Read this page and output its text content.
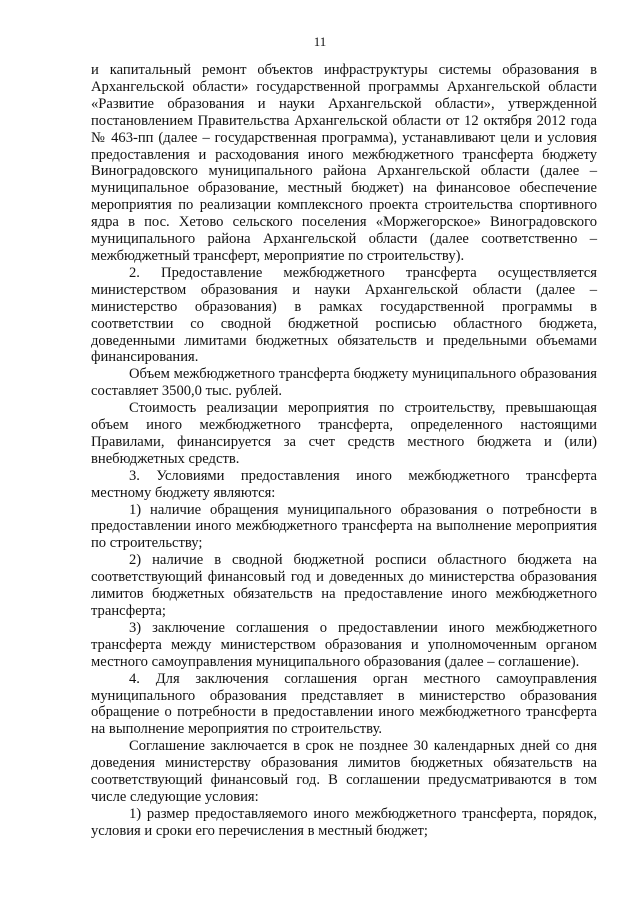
11

и капитальный ремонт объектов инфраструктуры системы образования в Архангельской области» государственной программы Архангельской области «Развитие образования и науки Архангельской области», утвержденной постановлением Правительства Архангельской области от 12 октября 2012 года № 463-пп (далее – государственная программа), устанавливают цели и условия предоставления и расходования иного межбюджетного трансферта бюджету Виноградовского муниципального района Архангельской области (далее – муниципальное образование, местный бюджет) на финансовое обеспечение мероприятия по реализации комплексного проекта строительства спортивного ядра в пос. Хетово сельского поселения «Моржегорское» Виноградовского муниципального района Архангельской области (далее соответственно – межбюджетный трансферт, мероприятие по строительству).

2. Предоставление межбюджетного трансферта осуществляется министерством образования и науки Архангельской области (далее – министерство образования) в рамках государственной программы в соответствии со сводной бюджетной росписью областного бюджета, доведенными лимитами бюджетных обязательств и предельными объемами финансирования.

Объем межбюджетного трансферта бюджету муниципального образования составляет 3500,0 тыс. рублей.

Стоимость реализации мероприятия по строительству, превышающая объем иного межбюджетного трансферта, определенного настоящими Правилами, финансируется за счет средств местного бюджета и (или) внебюджетных средств.

3. Условиями предоставления иного межбюджетного трансферта местному бюджету являются:

1) наличие обращения муниципального образования о потребности в предоставлении иного межбюджетного трансферта на выполнение мероприятия по строительству;

2) наличие в сводной бюджетной росписи областного бюджета на соответствующий финансовый год и доведенных до министерства образования лимитов бюджетных обязательств на предоставление иного межбюджетного трансферта;

3) заключение соглашения о предоставлении иного межбюджетного трансферта между министерством образования и уполномоченным органом местного самоуправления муниципального образования (далее – соглашение).

4. Для заключения соглашения орган местного самоуправления муниципального образования представляет в министерство образования обращение о потребности в предоставлении иного межбюджетного трансферта на выполнение мероприятия по строительству.

Соглашение заключается в срок не позднее 30 календарных дней со дня доведения министерству образования лимитов бюджетных обязательств на соответствующий финансовый год. В соглашении предусматриваются в том числе следующие условия:

1) размер предоставляемого иного межбюджетного трансферта, порядок, условия и сроки его перечисления в местный бюджет;
